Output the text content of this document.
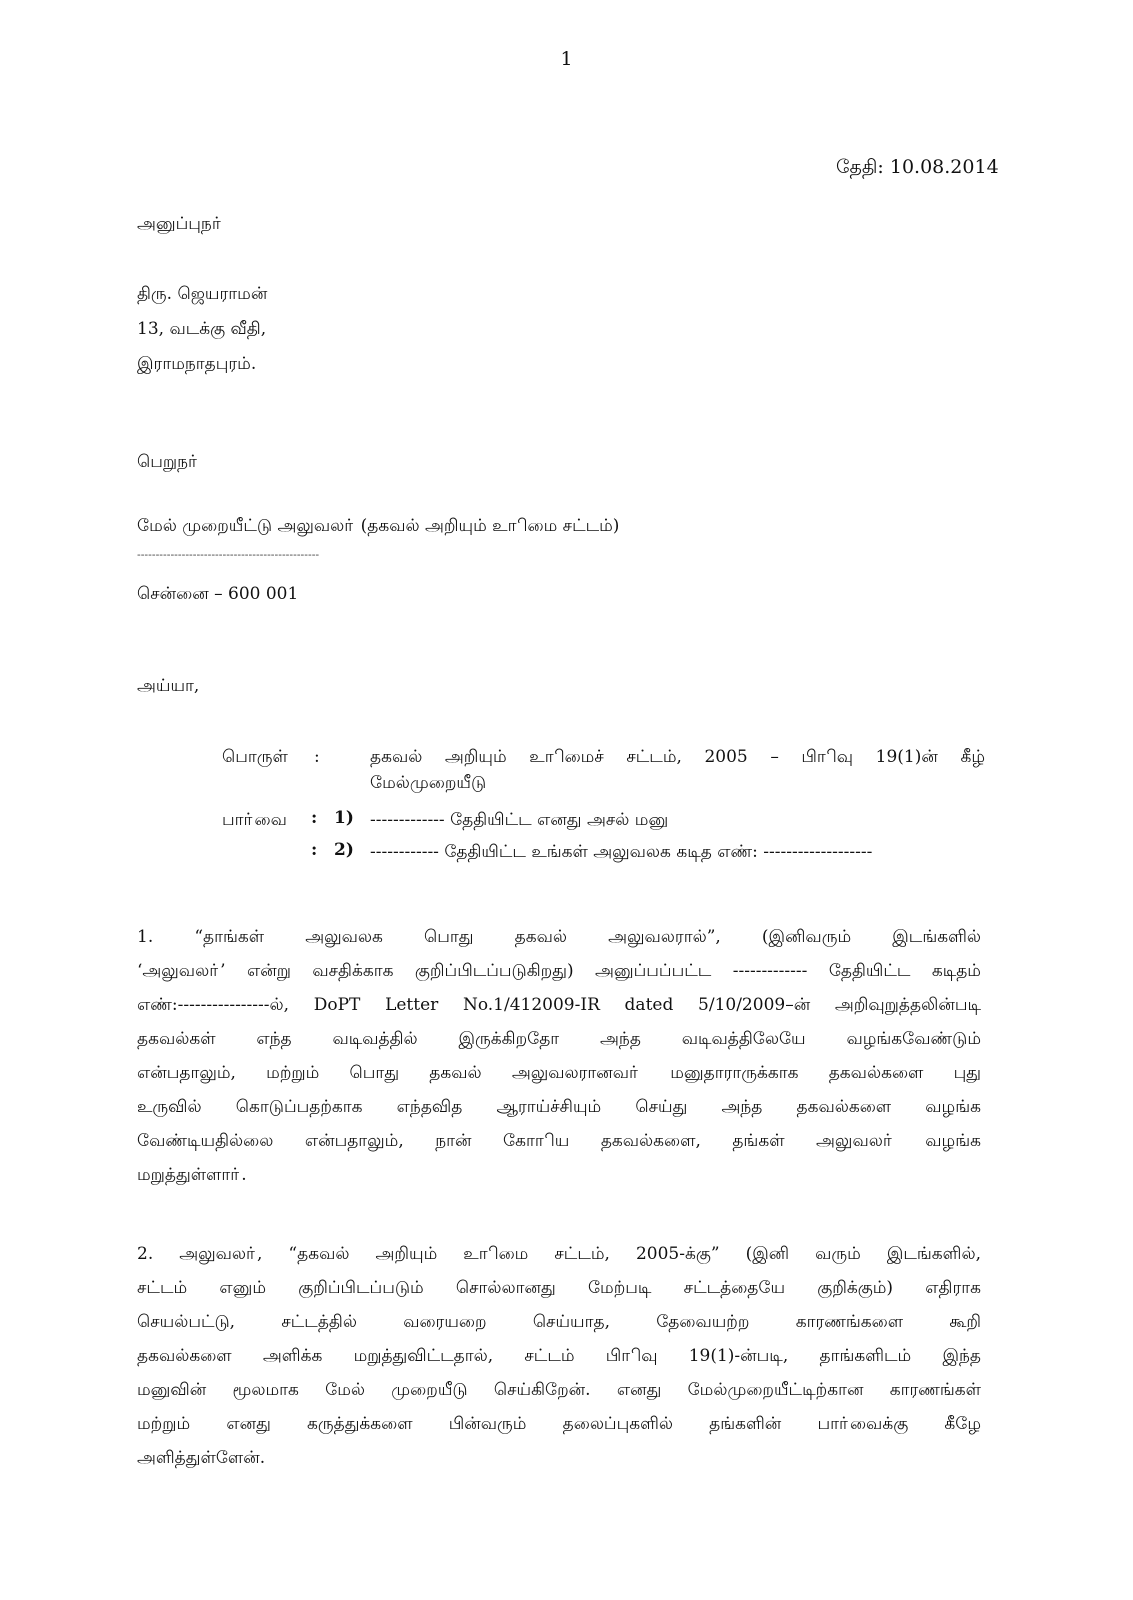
1
தேதி: 10.08.2014
அனுப்புநா்
திரு. ஜெயராமன்
13, வடக்கு வீதி,
இராமநாதபுரம்.
பெறுநா்
மேல் முறையீட்டு அலுவலா் (தகவல் அறியும் உாிமை சட்டம்)
-------------------------------------------------
சென்னை – 600 001
அய்யா,
பொருள் :	தகவல் அறியும் உாிமைச் சட்டம், 2005 – பிாிவு 19(1)ன் கீழ்
மேல்முறையீடு
பாா்வை : 1) ------------- தேதியிட்ட எனது அசல் மனு
: 2) ------------ தேதியிட்ட உங்கள் அலுவலக கடித எண்: -------------------
1. “தாங்கள் அலுவலக பொது தகவல் அலுவலரால்”, (இனிவரும் இடங்களில்
‘அலுவலா்’ என்று வசதிக்காக குறிப்பிடப்படுகிறது) அனுப்பப்பட்ட ------------- தேதியிட்ட கடிதம்
எண்:----------------ல், DoPT Letter No.1/412009-IR dated 5/10/2009–ன் அறிவுறுத்தலின்படி
தகவல்கள் எந்த வடிவத்தில் இருக்கிறதோ அந்த வடிவத்திலேயே வழங்கவேண்டும்
என்பதாலும், மற்றும் பொது தகவல் அலுவலரானவா் மனுதாராருக்காக தகவல்களை புது
உருவில் கொடுப்பதற்காக எந்தவித ஆராய்ச்சியும் செய்து அந்த தகவல்களை வழங்க
வேண்டியதில்லை என்பதாலும், நான் கோாிய தகவல்களை, தங்கள் அலுவலா் வழங்க
மறுத்துள்ளாா்.
2. அலுவலா், “தகவல் அறியும் உாிமை சட்டம், 2005-க்கு” (இனி வரும் இடங்களில்,
சட்டம் எனும் குறிப்பிடப்படும் சொல்லானது மேற்படி சட்டத்தையே குறிக்கும்) எதிராக
செயல்பட்டு, சட்டத்தில் வரையறை செய்யாத, தேவையற்ற காரணங்களை கூறி
தகவல்களை அளிக்க மறுத்துவிட்டதால், சட்டம் பிாிவு 19(1)-ன்படி, தாங்களிடம் இந்த
மனுவின் மூலமாக மேல் முறையீடு செய்கிறேன். எனது மேல்முறையீட்டிற்கான காரணங்கள்
மற்றும் எனது கருத்துக்களை பின்வரும் தலைப்புகளில் தங்களின் பாா்வைக்கு கீழே
அளித்துள்ளேன்.
